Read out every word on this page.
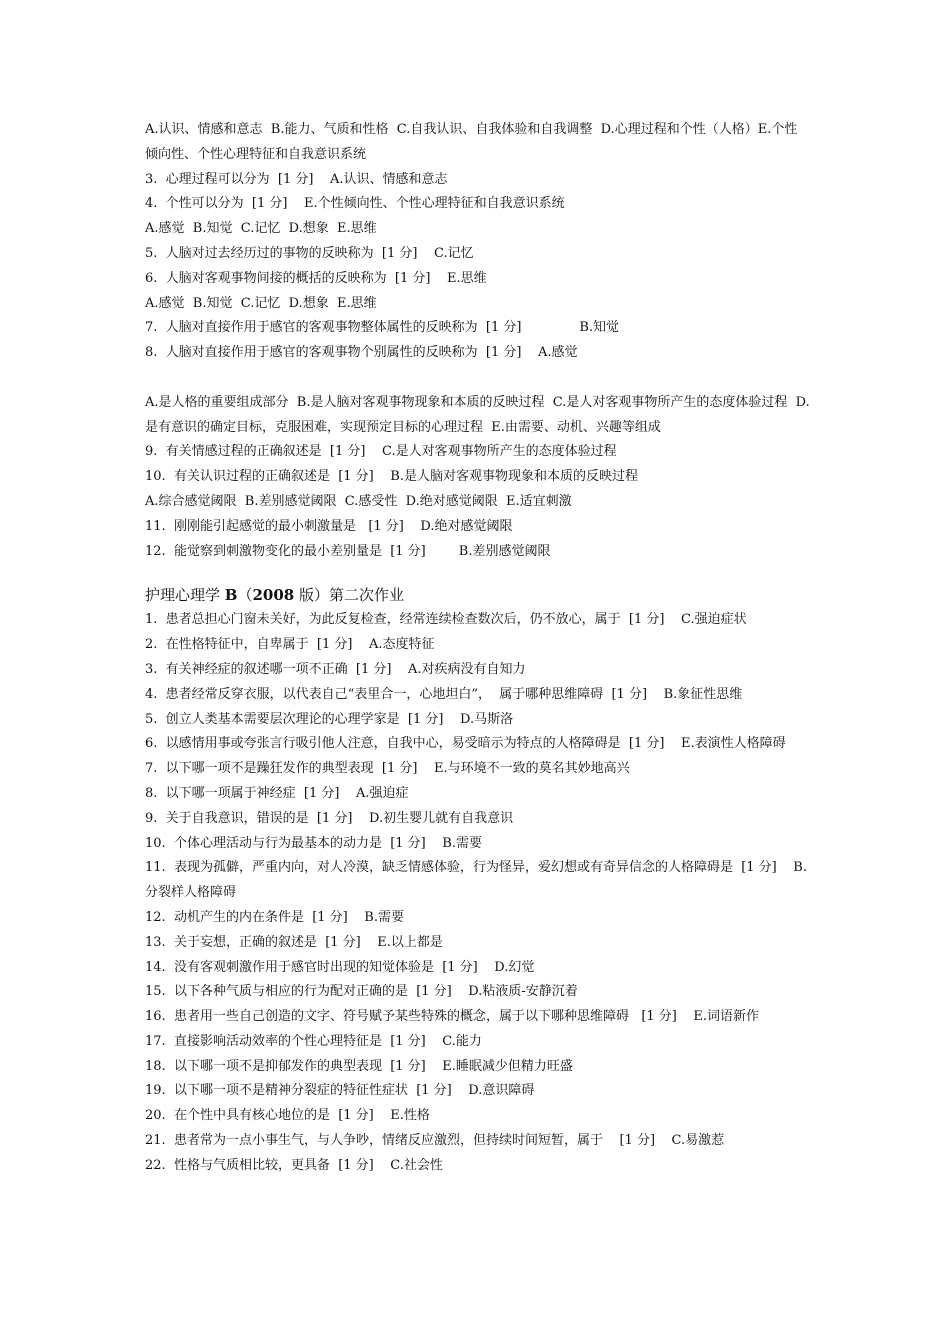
A.认识、情感和意志  B.能力、气质和性格  C.自我认识、自我体验和自我调整  D.心理过程和个性（人格）E.个性倾向性、个性心理特征和自我意识系统

3.  心理过程可以分为  [1 分]    A.认识、情感和意志

4.  个性可以分为  [1 分]    E.个性倾向性、个性心理特征和自我意识系统

A.感觉  B.知觉  C.记忆  D.想象  E.思维

5.  人脑对过去经历过的事物的反映称为  [1 分]    C.记忆

6.  人脑对客观事物间接的概括的反映称为  [1 分]    E.思维

A.感觉  B.知觉  C.记忆  D.想象  E.思维

7.  人脑对直接作用于感官的客观事物整体属性的反映称为  [1 分]              B.知觉

8.  人脑对直接作用于感官的客观事物个别属性的反映称为  [1 分]    A.感觉

A.是人格的重要组成部分  B.是人脑对客观事物现象和本质的反映过程  C.是人对客观事物所产生的态度体验过程  D.是有意识的确定目标，克服困难，实现预定目标的心理过程  E.由需要、动机、兴趣等组成

9.  有关情感过程的正确叙述是  [1 分]    C.是人对客观事物所产生的态度体验过程

10.  有关认识过程的正确叙述是  [1 分]    B.是人脑对客观事物现象和本质的反映过程

A.综合感觉阈限  B.差别感觉阈限  C.感受性  D.绝对感觉阈限  E.适宜刺激

11.  刚刚能引起感觉的最小刺激量是   [1 分]    D.绝对感觉阈限

12.  能觉察到刺激物变化的最小差别量是  [1 分]        B.差别感觉阈限

护理心理学 B（2008 版）第二次作业

1.  患者总担心门窗未关好，为此反复检查，经常连续检查数次后，仍不放心，属于  [1 分]    C.强迫症状

2.  在性格特征中，自卑属于  [1 分]    A.态度特征

3.  有关神经症的叙述哪一项不正确  [1 分]    A.对疾病没有自知力

4.  患者经常反穿衣服，以代表自己“表里合一，心地坦白”，  属于哪种思维障碍  [1 分]    B.象征性思维

5.  创立人类基本需要层次理论的心理学家是  [1 分]    D.马斯洛

6.  以感情用事或夸张言行吸引他人注意，自我中心，易受暗示为特点的人格障碍是  [1 分]    E.表演性人格障碍

7.  以下哪一项不是躁狂发作的典型表现  [1 分]    E.与环境不一致的莫名其妙地高兴

8.  以下哪一项属于神经症  [1 分]    A.强迫症

9.  关于自我意识，错误的是  [1 分]    D.初生婴儿就有自我意识

10.  个体心理活动与行为最基本的动力是  [1 分]    B.需要

11.  表现为孤僻，严重内向，对人冷漠，缺乏情感体验，行为怪异，爱幻想或有奇异信念的人格障碍是  [1 分]    B.分裂样人格障碍

12.  动机产生的内在条件是  [1 分]    B.需要

13.  关于妄想，正确的叙述是  [1 分]    E.以上都是

14.  没有客观刺激作用于感官时出现的知觉体验是  [1 分]    D.幻觉

15.  以下各种气质与相应的行为配对正确的是  [1 分]    D.粘液质-安静沉着

16.  患者用一些自己创造的文字、符号赋予某些特殊的概念，属于以下哪种思维障碍   [1 分]    E.词语新作

17.  直接影响活动效率的个性心理特征是  [1 分]    C.能力

18.  以下哪一项不是抑郁发作的典型表现  [1 分]    E.睡眠减少但精力旺盛

19.  以下哪一项不是精神分裂症的特征性症状  [1 分]    D.意识障碍

20.  在个性中具有核心地位的是  [1 分]    E.性格

21.  患者常为一点小事生气，与人争吵，情绪反应激烈，但持续时间短暂，属于    [1 分]    C.易激惹

22.  性格与气质相比较，更具备  [1 分]    C.社会性
